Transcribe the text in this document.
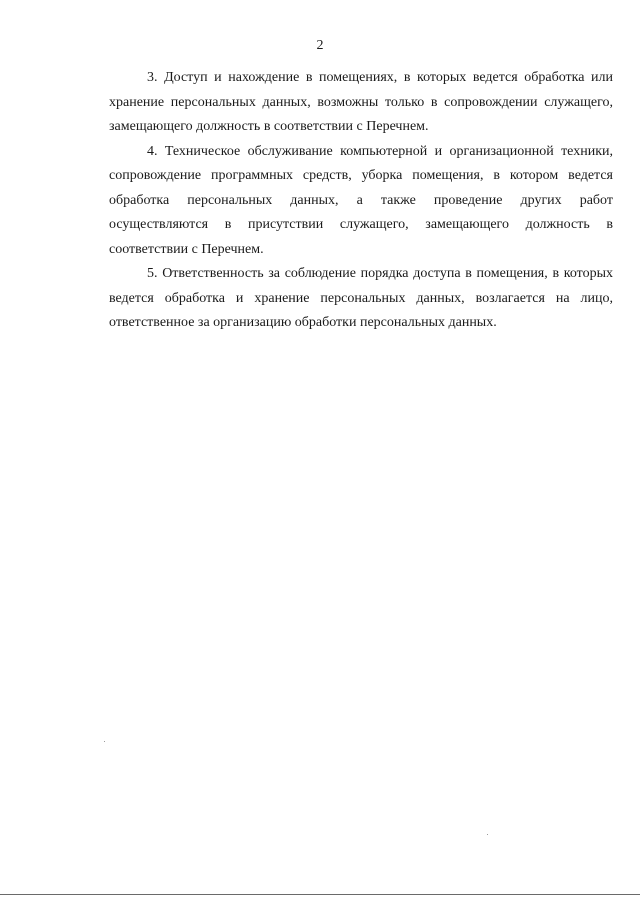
2

3. Доступ и нахождение в помещениях, в которых ведется обработка или хранение персональных данных, возможны только в сопровождении служащего, замещающего должность в соответствии с Перечнем.

4. Техническое обслуживание компьютерной и организационной техники, сопровождение программных средств, уборка помещения, в котором ведется обработка персональных данных, а также проведение других работ осуществляются в присутствии служащего, замещающего должность в соответствии с Перечнем.

5. Ответственность за соблюдение порядка доступа в помещения, в которых ведется обработка и хранение персональных данных, возлагается на лицо, ответственное за организацию обработки персональных данных.
